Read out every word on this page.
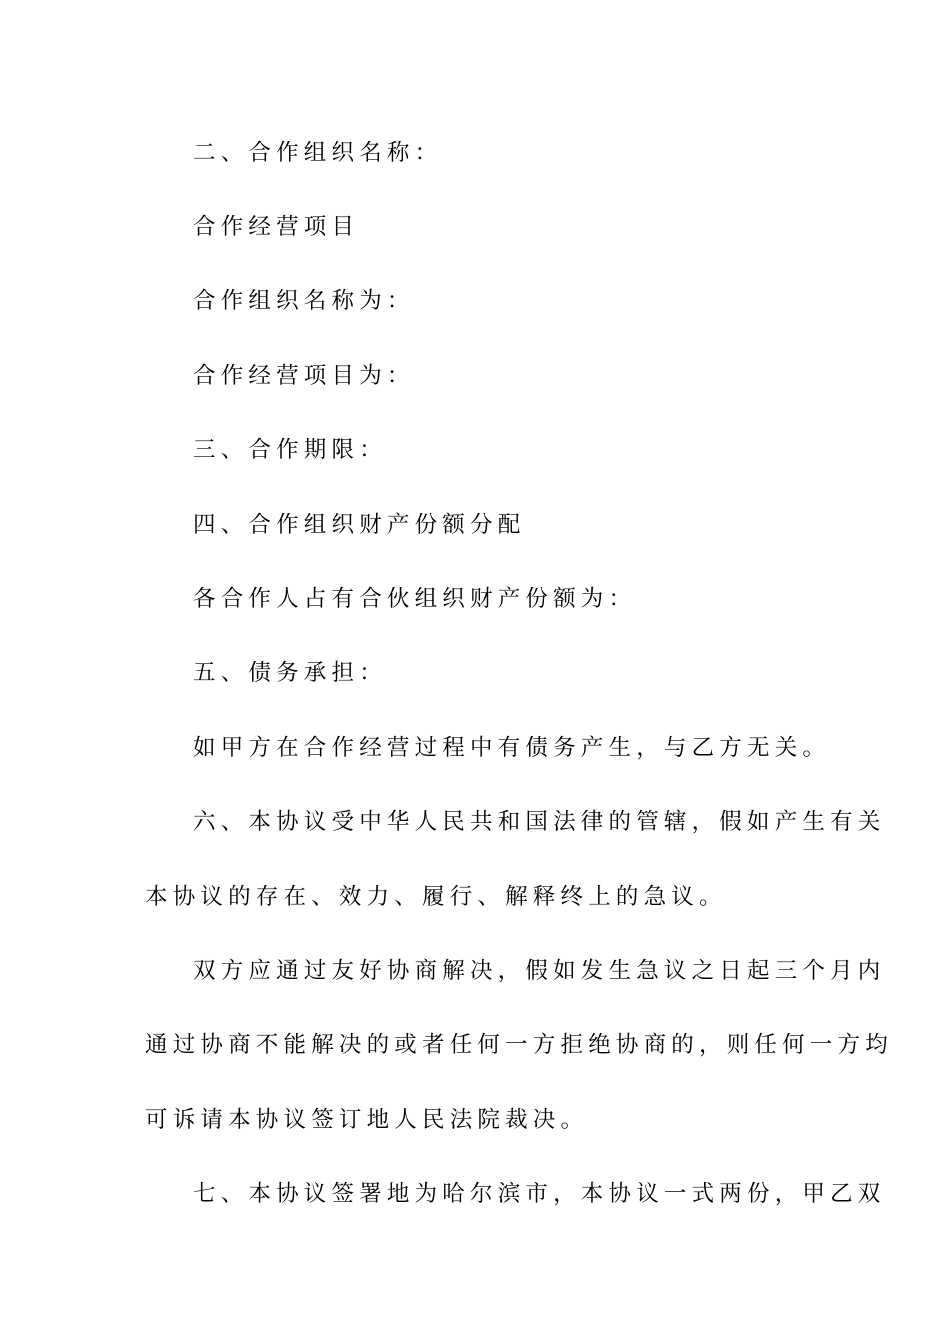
二、合作组织名称：
合作经营项目
合作组织名称为：
合作经营项目为：
三、合作期限：
四、合作组织财产份额分配
各合作人占有合伙组织财产份额为：
五、债务承担：
如甲方在合作经营过程中有债务产生，与乙方无关。
六、本协议受中华人民共和国法律的管辖，假如产生有关
本协议的存在、效力、履行、解释终上的急议。
双方应通过友好协商解决，假如发生急议之日起三个月内
通过协商不能解决的或者任何一方拒绝协商的，则任何一方均
可诉请本协议签订地人民法院裁决。
七、本协议签署地为哈尔滨市，本协议一式两份，甲乙双
